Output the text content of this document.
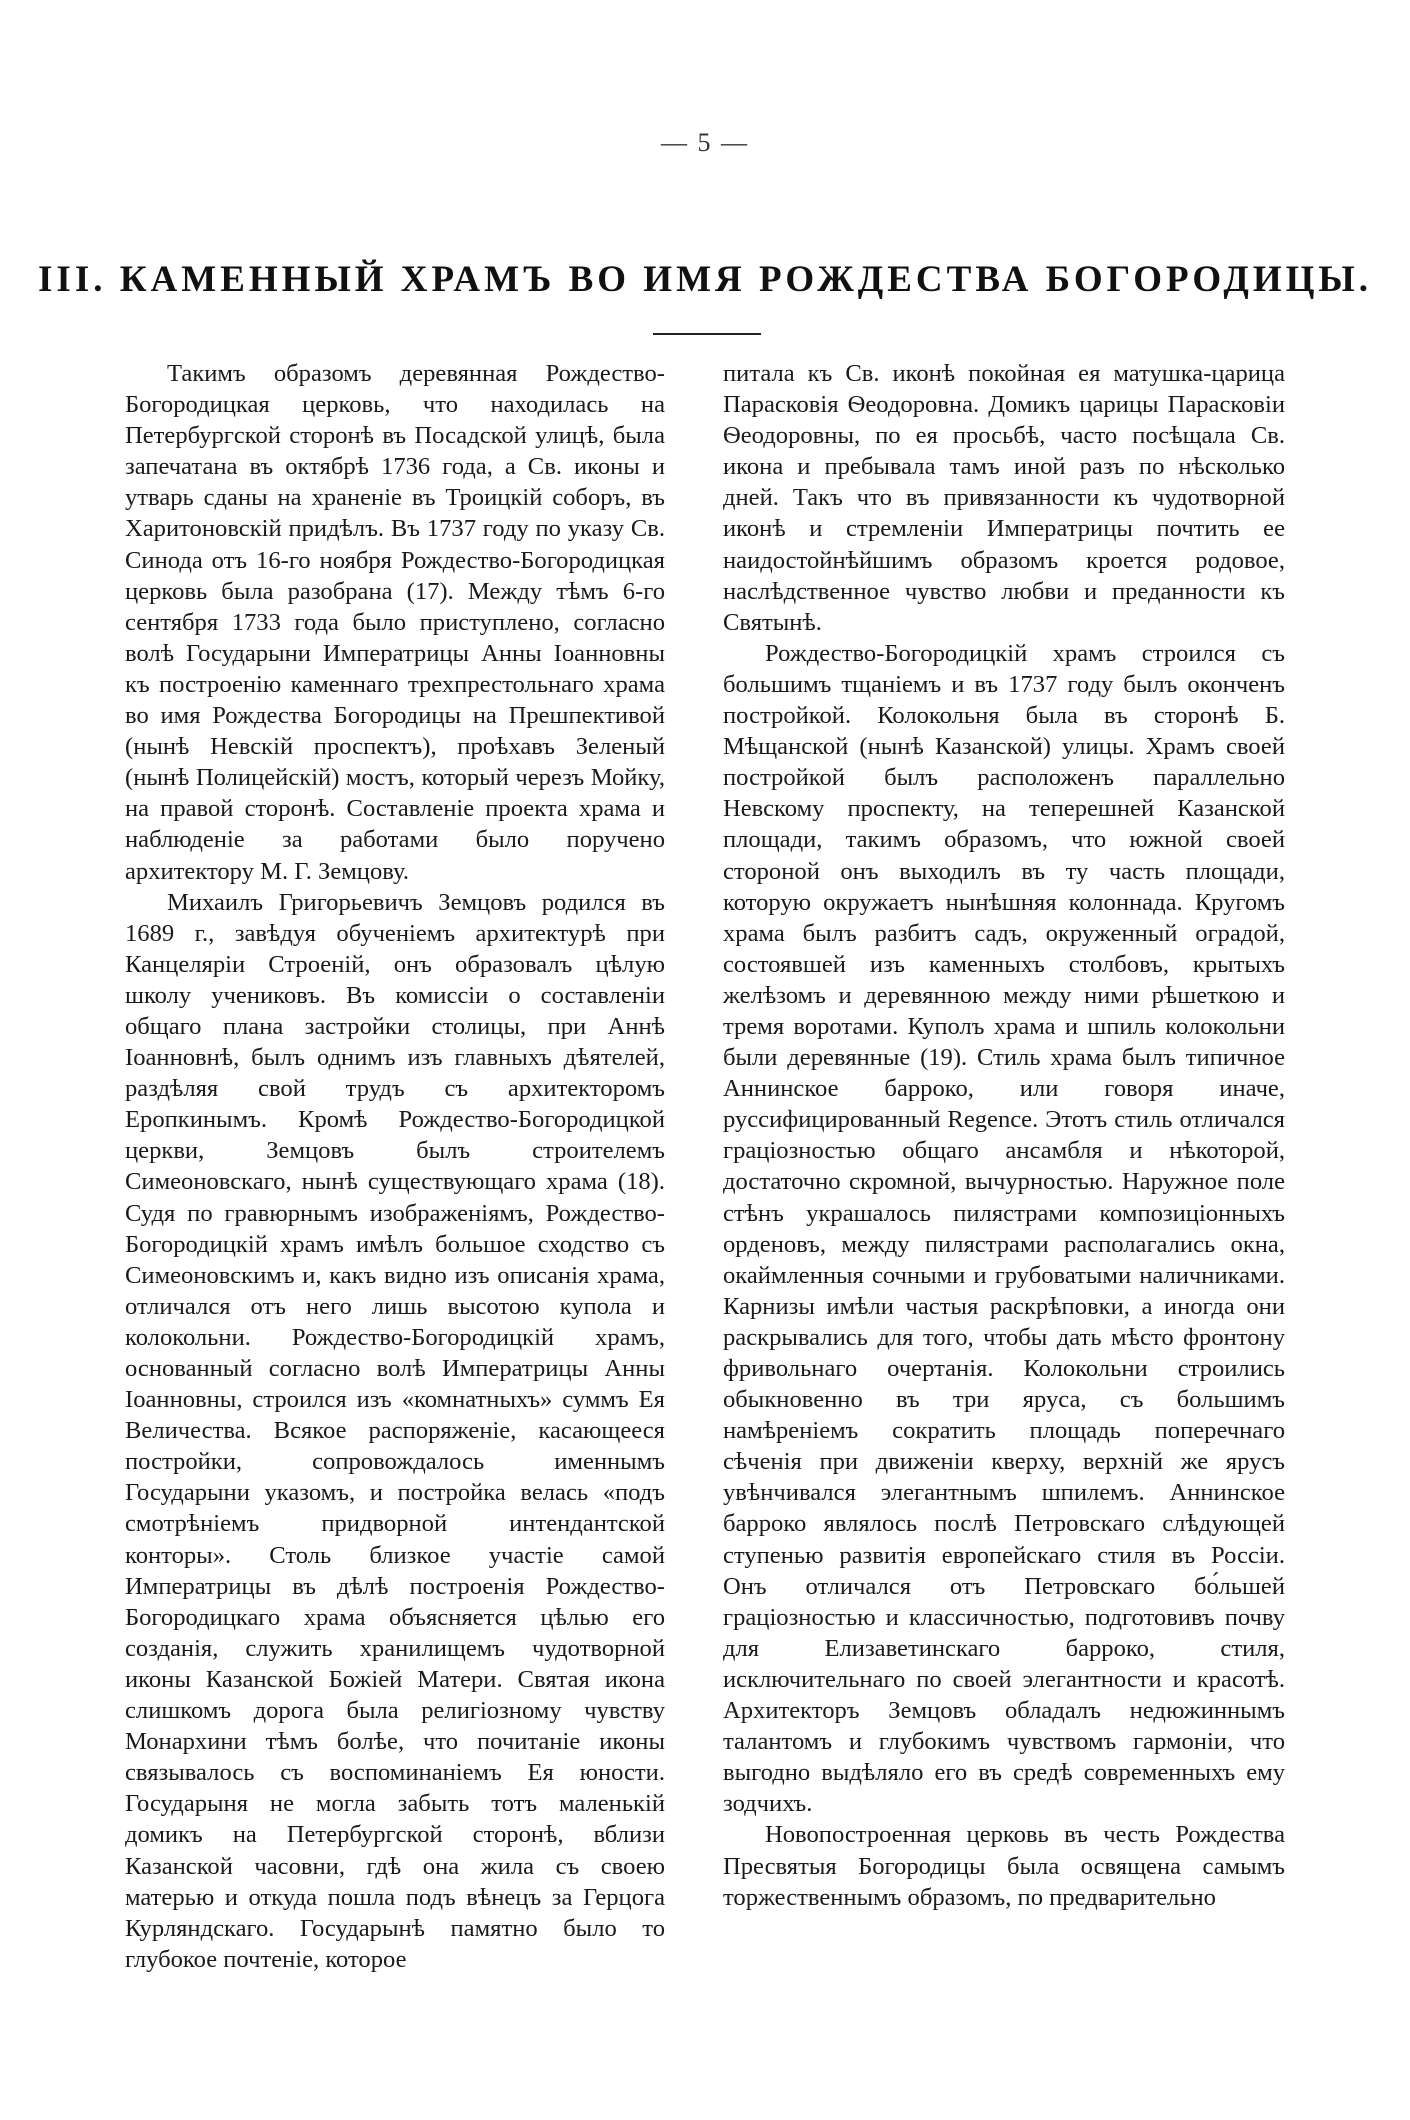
— 5 —
III. КАМЕННЫЙ ХРАМЪ ВО ИМЯ РОЖДЕСТВА БОГОРОДИЦЫ.

Такимъ образомъ деревянная Рождество-Богородицкая церковь, что находилась на Петербургской сторонѣ въ Посадской улицѣ, была запечатана въ октябрѣ 1736 года, а Св. иконы и утварь сданы на храненіе въ Троицкій соборъ, въ Харитоновскій придѣлъ. Въ 1737 году по указу Св. Синода отъ 16-го ноября Рождество-Богородицкая церковь была разобрана (17). Между тѣмъ 6-го сентября 1733 года было приступлено, согласно волѣ Государыни Императрицы Анны Іоанновны къ построенію каменнаго трехпрестольнаго храма во имя Рождества Богородицы на Прешпективой (нынѣ Невскій проспектъ), проѣхавъ Зеленый (нынѣ Полицейскій) мостъ, который черезъ Мойку, на правой сторонѣ. Составленіе проекта храма и наблюденіе за работами было поручено архитектору М. Г. Земцову.

Михаилъ Григорьевичъ Земцовъ родился въ 1689 г., завѣдуя обученіемъ архитектурѣ при Канцеляріи Строеній, онъ образовалъ цѣлую школу учениковъ. Въ комиссіи о составленіи общаго плана застройки столицы, при Аннѣ Іоанновнѣ, былъ однимъ изъ главныхъ дѣятелей, раздѣляя свой трудъ съ архитекторомъ Еропкинымъ. Кромѣ Рождество-Богородицкой церкви, Земцовъ былъ строителемъ Симеоновскаго, нынѣ существующаго храма (18). Судя по гравюрнымъ изображеніямъ, Рождество-Богородицкій храмъ имѣлъ большое сходство съ Симеоновскимъ и, какъ видно изъ описанія храма, отличался отъ него лишь высотою купола и колокольни. Рождество-Богородицкій храмъ, основанный согласно волѣ Императрицы Анны Іоанновны, строился изъ «комнатныхъ» суммъ Ея Величества. Всякое распоряженіе, касающееся постройки, сопровождалось именнымъ Государыни указомъ, и постройка велась «подъ смотрѣніемъ придворной интендантской конторы». Столь близкое участіе самой Императрицы въ дѣлѣ построенія Рождество-Богородицкаго храма объясняется цѣлью его созданія, служить хранилищемъ чудотворной иконы Казанской Божіей Матери. Святая икона слишкомъ дорога была религіозному чувству Монархини тѣмъ болѣе, что почитаніе иконы связывалось съ воспоминаніемъ Ея юности. Государыня не могла забыть тотъ маленькій домикъ на Петербургской сторонѣ, вблизи Казанской часовни, гдѣ она жила съ своею матерью и откуда пошла подъ вѣнецъ за Герцога Курляндскаго. Государынѣ памятно было то глубокое почтеніе, которое

питала къ Св. иконѣ покойная ея матушка-царица Парасковія Ѳеодоровна. Домикъ царицы Парасковіи Ѳеодоровны, по ея просьбѣ, часто посѣщала Св. икона и пребывала тамъ иной разъ по нѣсколько дней. Такъ что въ привязанности къ чудотворной иконѣ и стремленіи Императрицы почтить ее наидостойнѣйшимъ образомъ кроется родовое, наслѣдственное чувство любви и преданности къ Святынѣ.

Рождество-Богородицкій храмъ строился съ большимъ тщаніемъ и въ 1737 году былъ оконченъ постройкой. Колокольня была въ сторонѣ Б. Мѣщанской (нынѣ Казанской) улицы. Храмъ своей постройкой былъ расположенъ параллельно Невскому проспекту, на теперешней Казанской площади, такимъ образомъ, что южной своей стороной онъ выходилъ въ ту часть площади, которую окружаетъ нынѣшняя колоннада. Кругомъ храма былъ разбитъ садъ, окруженный оградой, состоявшей изъ каменныхъ столбовъ, крытыхъ желѣзомъ и деревянною между ними рѣшеткою и тремя воротами. Куполъ храма и шпиль колокольни были деревянные (19). Стиль храма былъ типичное Аннинское барроко, или говоря иначе, руссифицированный Regence. Этотъ стиль отличался граціозностью общаго ансамбля и нѣкоторой, достаточно скромной, вычурностью. Наружное поле стѣнъ украшалось пилястрами композиціонныхъ орденовъ, между пилястрами располагались окна, окаймленныя сочными и грубоватыми наличниками. Карнизы имѣли частыя раскрѣповки, а иногда они раскрывались для того, чтобы дать мѣсто фронтону фривольнаго очертанія. Колокольни строились обыкновенно въ три яруса, съ большимъ намѣреніемъ сократить площадь поперечнаго сѣченія при движеніи кверху, верхній же ярусъ увѣнчивался элегантнымъ шпилемъ. Аннинское барроко являлось послѣ Петровскаго слѣдующей ступенью развитія европейскаго стиля въ Россіи. Онъ отличался отъ Петровскаго бо́льшей граціозностью и классичностью, подготовивъ почву для Елизаветинскаго барроко, стиля, исключительнаго по своей элегантности и красотѣ. Архитекторъ Земцовъ обладалъ недюжиннымъ талантомъ и глубокимъ чувствомъ гармоніи, что выгодно выдѣляло его въ средѣ современныхъ ему зодчихъ.

Новопостроенная церковь въ честь Рождества Пресвятыя Богородицы была освящена самымъ торжественнымъ образомъ, по предварительно
